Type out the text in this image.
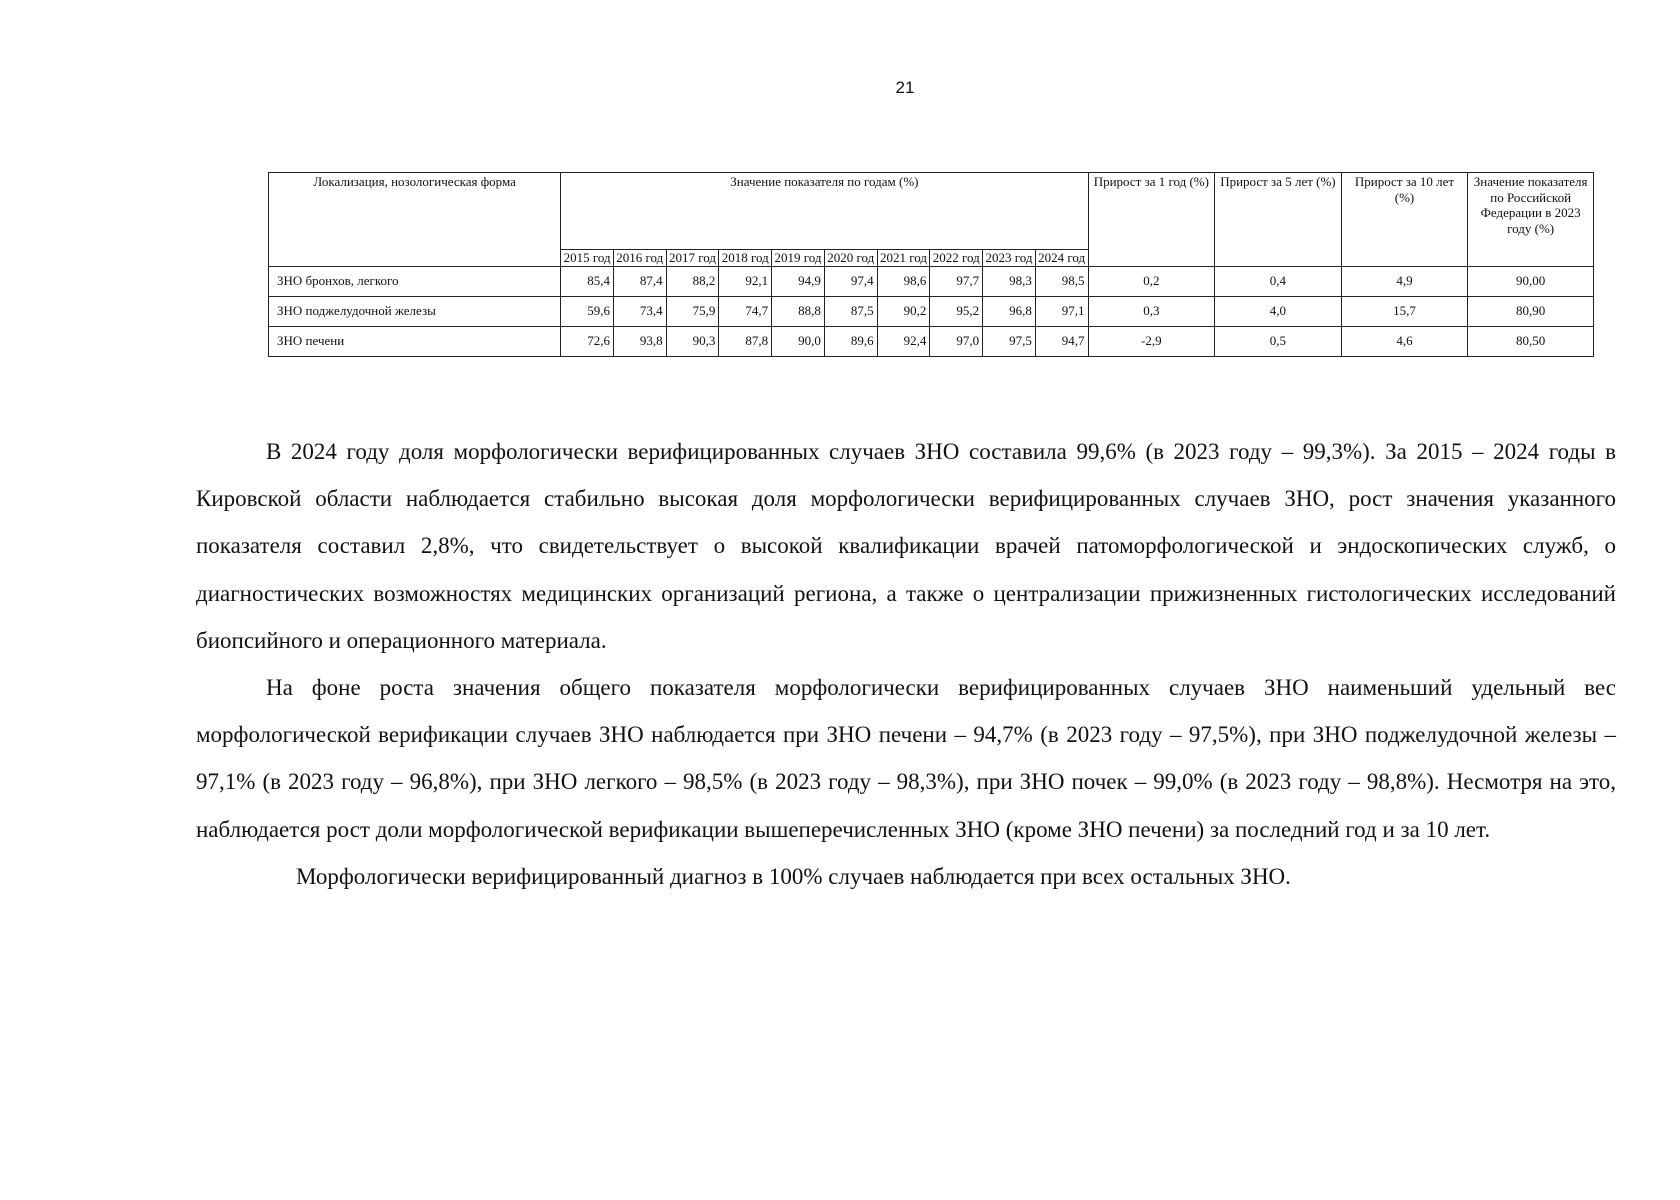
21
Локализация, нозологическая форма	Значение показателя по годам (%)										Прирост за 1 год (%)	Прирост за 5 лет (%)	Прирост за 10 лет (%)	Значение показателя по Российской Федерации в 2023 году (%)
	2015 год	2016 год	2017 год	2018 год	2019 год	2020 год	2021 год	2022 год	2023 год	2024 год				
ЗНО бронхов, легкого	85,4	87,4	88,2	92,1	94,9	97,4	98,6	97,7	98,3	98,5	0,2	0,4	4,9	90,00
ЗНО поджелудочной железы	59,6	73,4	75,9	74,7	88,8	87,5	90,2	95,2	96,8	97,1	0,3	4,0	15,7	80,90
ЗНО печени	72,6	93,8	90,3	87,8	90,0	89,6	92,4	97,0	97,5	94,7	-2,9	0,5	4,6	80,50

В 2024 году доля морфологически верифицированных случаев ЗНО составила 99,6% (в 2023 году – 99,3%). За 2015 – 2024 годы в Кировской области наблюдается стабильно высокая доля морфологически верифицированных случаев ЗНО, рост значения указанного показателя составил 2,8%, что свидетельствует о высокой квалификации врачей патоморфологической и эндоскопических служб, о диагностических возможностях медицинских организаций региона, а также о централизации прижизненных гистологических исследований биопсийного и операционного материала.

На фоне роста значения общего показателя морфологически верифицированных случаев ЗНО наименьший удельный вес морфологической верификации случаев ЗНО наблюдается при ЗНО печени – 94,7% (в 2023 году – 97,5%), при ЗНО поджелудочной железы – 97,1% (в 2023 году – 96,8%), при ЗНО легкого – 98,5% (в 2023 году – 98,3%), при ЗНО почек – 99,0% (в 2023 году – 98,8%). Несмотря на это, наблюдается рост доли морфологической верификации вышеперечисленных ЗНО (кроме ЗНО печени) за последний год и за 10 лет.

Морфологически верифицированный диагноз в 100% случаев наблюдается при всех остальных ЗНО.
